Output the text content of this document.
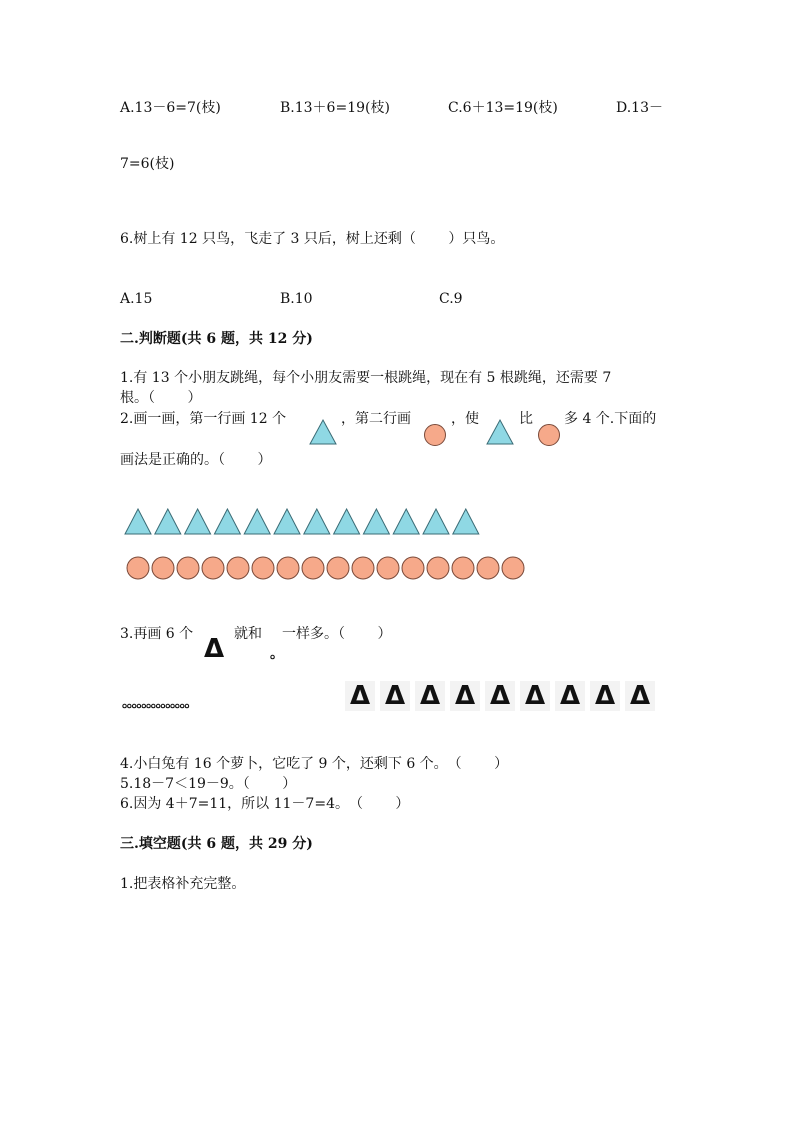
A.13－6=7(枝)	B.13＋6=19(枝)	C.6＋13=19(枝)	D.13－
7=6(枝)
6.树上有 12 只鸟，飞走了 3 只后，树上还剩（　　 ）只鸟。
A.15	B.10	C.9
二.判断题(共 6 题，共 12 分)
1.有 13 个小朋友跳绳，每个小朋友需要一根跳绳，现在有 5 根跳绳，还需要 7
根。（　　 ）
2.画一画，第一行画 12 个	，第二行画	，使	比 多 4 个.下面的
画法是正确的。（　　 ）
3.再画 6 个 Δ 就和
。
一样多。（　　 ）
。。。。。。。。。。。。。。	Δ Δ Δ Δ Δ Δ Δ Δ Δ
4.小白兔有 16 个萝卜，它吃了 9 个，还剩下 6 个。　（　　 ）
5.18－7＜19－9。（　　 ）
6.因为 4＋7=11，所以 11－7=4。　（　　 ）
三.填空题(共 6 题，共 29 分)
1.把表格补充完整。
